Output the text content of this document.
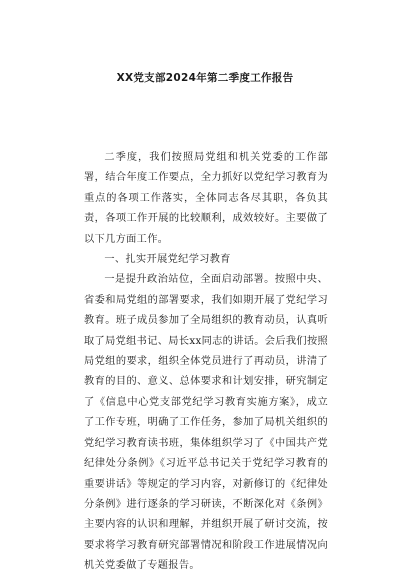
XX党支部2024年第二季度工作报告

二季度，我们按照局党组和机关党委的工作部署，结合年度工作要点，全力抓好以党纪学习教育为重点的各项工作落实，全体同志各尽其职，各负其责，各项工作开展的比较顺利，成效较好。主要做了以下几方面工作。

一、扎实开展党纪学习教育

一是提升政治站位，全面启动部署。按照中央、省委和局党组的部署要求，我们如期开展了党纪学习教育。班子成员参加了全局组织的教育动员，认真听取了局党组书记、局长xx同志的讲话。会后我们按照局党组的要求，组织全体党员进行了再动员，讲清了教育的目的、意义、总体要求和计划安排，研究制定了《信息中心党支部党纪学习教育实施方案》，成立了工作专班，明确了工作任务，参加了局机关组织的党纪学习教育读书班，集体组织学习了《中国共产党纪律处分条例》《习近平总书记关于党纪学习教育的重要讲话》等规定的学习内容，对新修订的《纪律处分条例》进行逐条的学习研读，不断深化对《条例》主要内容的认识和理解，并组织开展了研讨交流，按要求将学习教育研究部署情况和阶段工作进展情况向机关党委做了专题报告。
